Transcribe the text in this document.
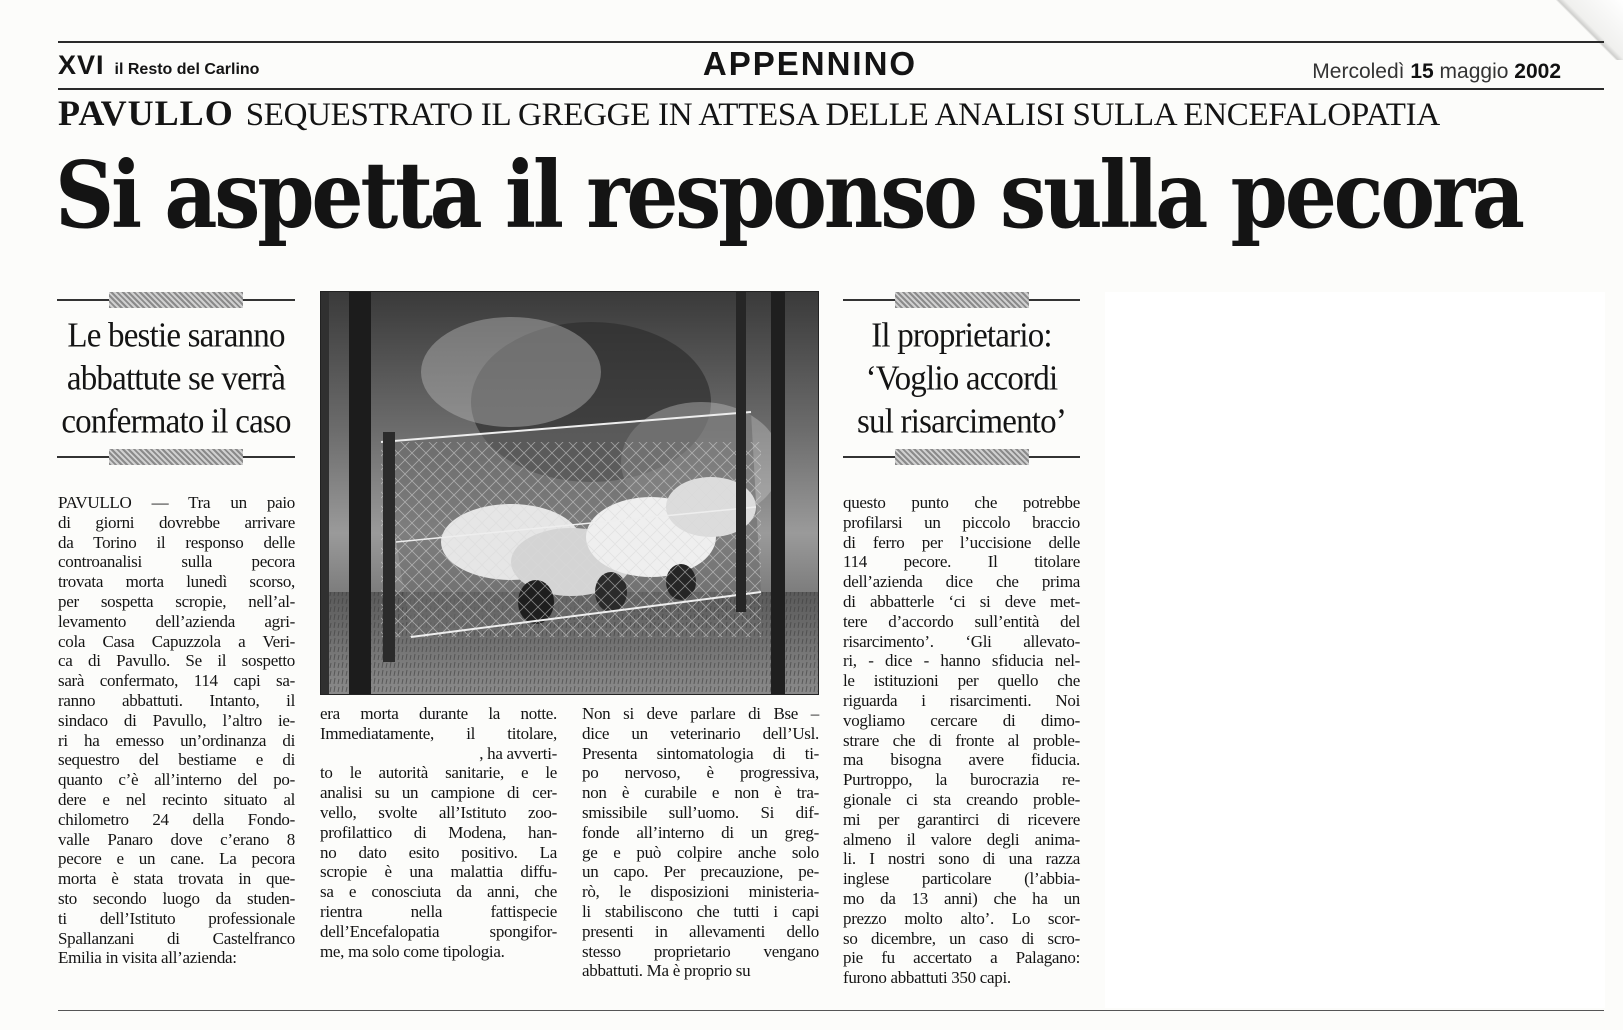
XVI il Resto del Carlino	APPENNINO	Mercoledì 15 maggio 2002
PAVULLO SEQUESTRATO IL GREGGE IN ATTESA DELLE ANALISI SULLA ENCEFALOPATIA
Si aspetta il responso sulla pecora
Le bestie saranno
abbattute se verrà
confermato il caso
Il proprietario:
‘Voglio accordi
sul risarcimento’

PAVULLO — Tra un paio

di giorni dovrebbe arrivare

da Torino il responso delle

controanalisi sulla pecora

trovata morta lunedì scorso,

per sospetta scropie, nell’al-

levamento dell’azienda agri-

cola Casa Capuzzola a Veri-

ca di Pavullo. Se il sospetto

sarà confermato, 114 capi sa-

ranno abbattuti. Intanto, il

sindaco di Pavullo, l’altro ie-

ri ha emesso un’ordinanza di

sequestro del bestiame e di

quanto c’è all’interno del po-

dere e nel recinto situato al

chilometro 24 della Fondo-

valle Panaro dove c’erano 8

pecore e un cane. La pecora

morta è stata trovata in que-

sto secondo luogo da studen-

ti dell’Istituto professionale

Spallanzani di Castelfranco

Emilia in visita all’azienda:

era morta durante la notte.

Immediatamente, il titolare,

, ha avverti-

to le autorità sanitarie, e le

analisi su un campione di cer-

vello, svolte all’Istituto zoo-

profilattico di Modena, han-

no dato esito positivo. La

scropie è una malattia diffu-

sa e conosciuta da anni, che

rientra nella fattispecie

dell’Encefalopatia spongifor-

me, ma solo come tipologia.

Non si deve parlare di Bse –

dice un veterinario dell’Usl.

Presenta sintomatologia di ti-

po nervoso, è progressiva,

non è curabile e non è tra-

smissibile sull’uomo. Si dif-

fonde all’interno di un greg-

ge e può colpire anche solo

un capo. Per precauzione, pe-

rò, le disposizioni ministeria-

li stabiliscono che tutti i capi

presenti in allevamenti dello

stesso proprietario vengano

abbattuti. Ma è proprio su

questo punto che potrebbe

profilarsi un piccolo braccio

di ferro per l’uccisione delle

114 pecore. Il titolare

dell’azienda dice che prima

di abbatterle ‘ci si deve met-

tere d’accordo sull’entità del

risarcimento’. ‘Gli allevato-

ri, - dice - hanno sfiducia nel-

le istituzioni per quello che

riguarda i risarcimenti. Noi

vogliamo cercare di dimo-

strare che di fronte al proble-

ma bisogna avere fiducia.

Purtroppo, la burocrazia re-

gionale ci sta creando proble-

mi per garantirci di ricevere

almeno il valore degli anima-

li. I nostri sono di una razza

inglese particolare (l’abbia-

mo da 13 anni) che ha un

prezzo molto alto’. Lo scor-

so dicembre, un caso di scro-

pie fu accertato a Palagano:

furono abbattuti 350 capi.
